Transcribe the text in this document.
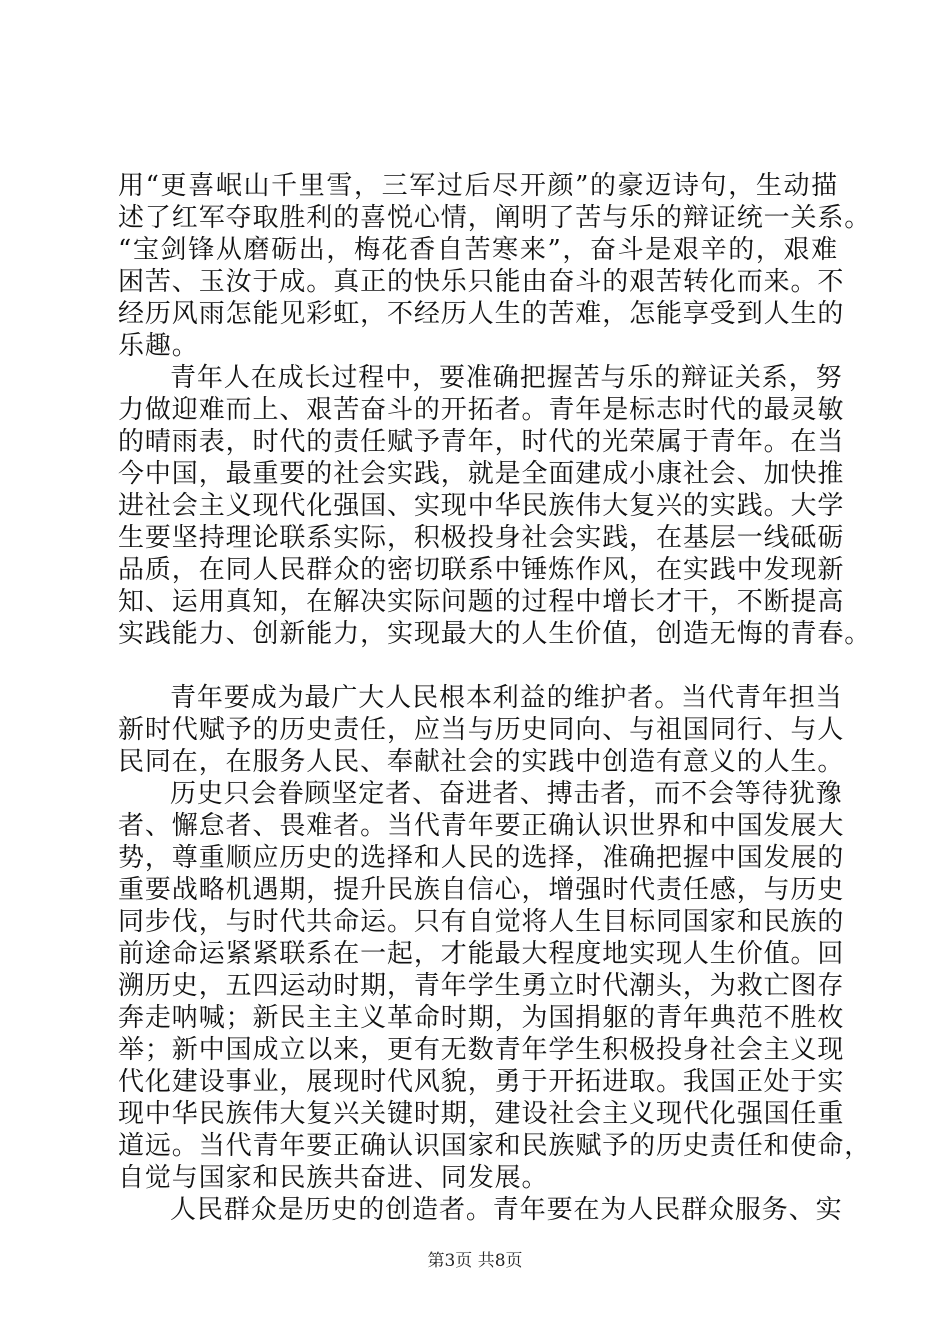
用“更喜岷山千里雪，三军过后尽开颜”的豪迈诗句，生动描
述了红军夺取胜利的喜悦心情，阐明了苦与乐的辩证统一关系。
“宝剑锋从磨砺出，梅花香自苦寒来”，奋斗是艰辛的，艰难
困苦、玉汝于成。真正的快乐只能由奋斗的艰苦转化而来。不
经历风雨怎能见彩虹，不经历人生的苦难，怎能享受到人生的
乐趣。
青年人在成长过程中，要准确把握苦与乐的辩证关系，努
力做迎难而上、艰苦奋斗的开拓者。青年是标志时代的最灵敏
的晴雨表，时代的责任赋予青年，时代的光荣属于青年。在当
今中国，最重要的社会实践，就是全面建成小康社会、加快推
进社会主义现代化强国、实现中华民族伟大复兴的实践。大学
生要坚持理论联系实际，积极投身社会实践，在基层一线砥砺
品质，在同人民群众的密切联系中锤炼作风，在实践中发现新
知、运用真知，在解决实际问题的过程中增长才干，不断提高
实践能力、创新能力，实现最大的人生价值，创造无悔的青春。
青年要成为最广大人民根本利益的维护者。当代青年担当
新时代赋予的历史责任，应当与历史同向、与祖国同行、与人
民同在，在服务人民、奉献社会的实践中创造有意义的人生。
历史只会眷顾坚定者、奋进者、搏击者，而不会等待犹豫
者、懈怠者、畏难者。当代青年要正确认识世界和中国发展大
势，尊重顺应历史的选择和人民的选择，准确把握中国发展的
重要战略机遇期，提升民族自信心，增强时代责任感，与历史
同步伐，与时代共命运。只有自觉将人生目标同国家和民族的
前途命运紧紧联系在一起，才能最大程度地实现人生价值。回
溯历史，五四运动时期，青年学生勇立时代潮头，为救亡图存
奔走呐喊；新民主主义革命时期，为国捐躯的青年典范不胜枚
举；新中国成立以来，更有无数青年学生积极投身社会主义现
代化建设事业，展现时代风貌，勇于开拓进取。我国正处于实
现中华民族伟大复兴关键时期，建设社会主义现代化强国任重
道远。当代青年要正确认识国家和民族赋予的历史责任和使命，
自觉与国家和民族共奋进、同发展。
人民群众是历史的创造者。青年要在为人民群众服务、实
第3页 共8页
